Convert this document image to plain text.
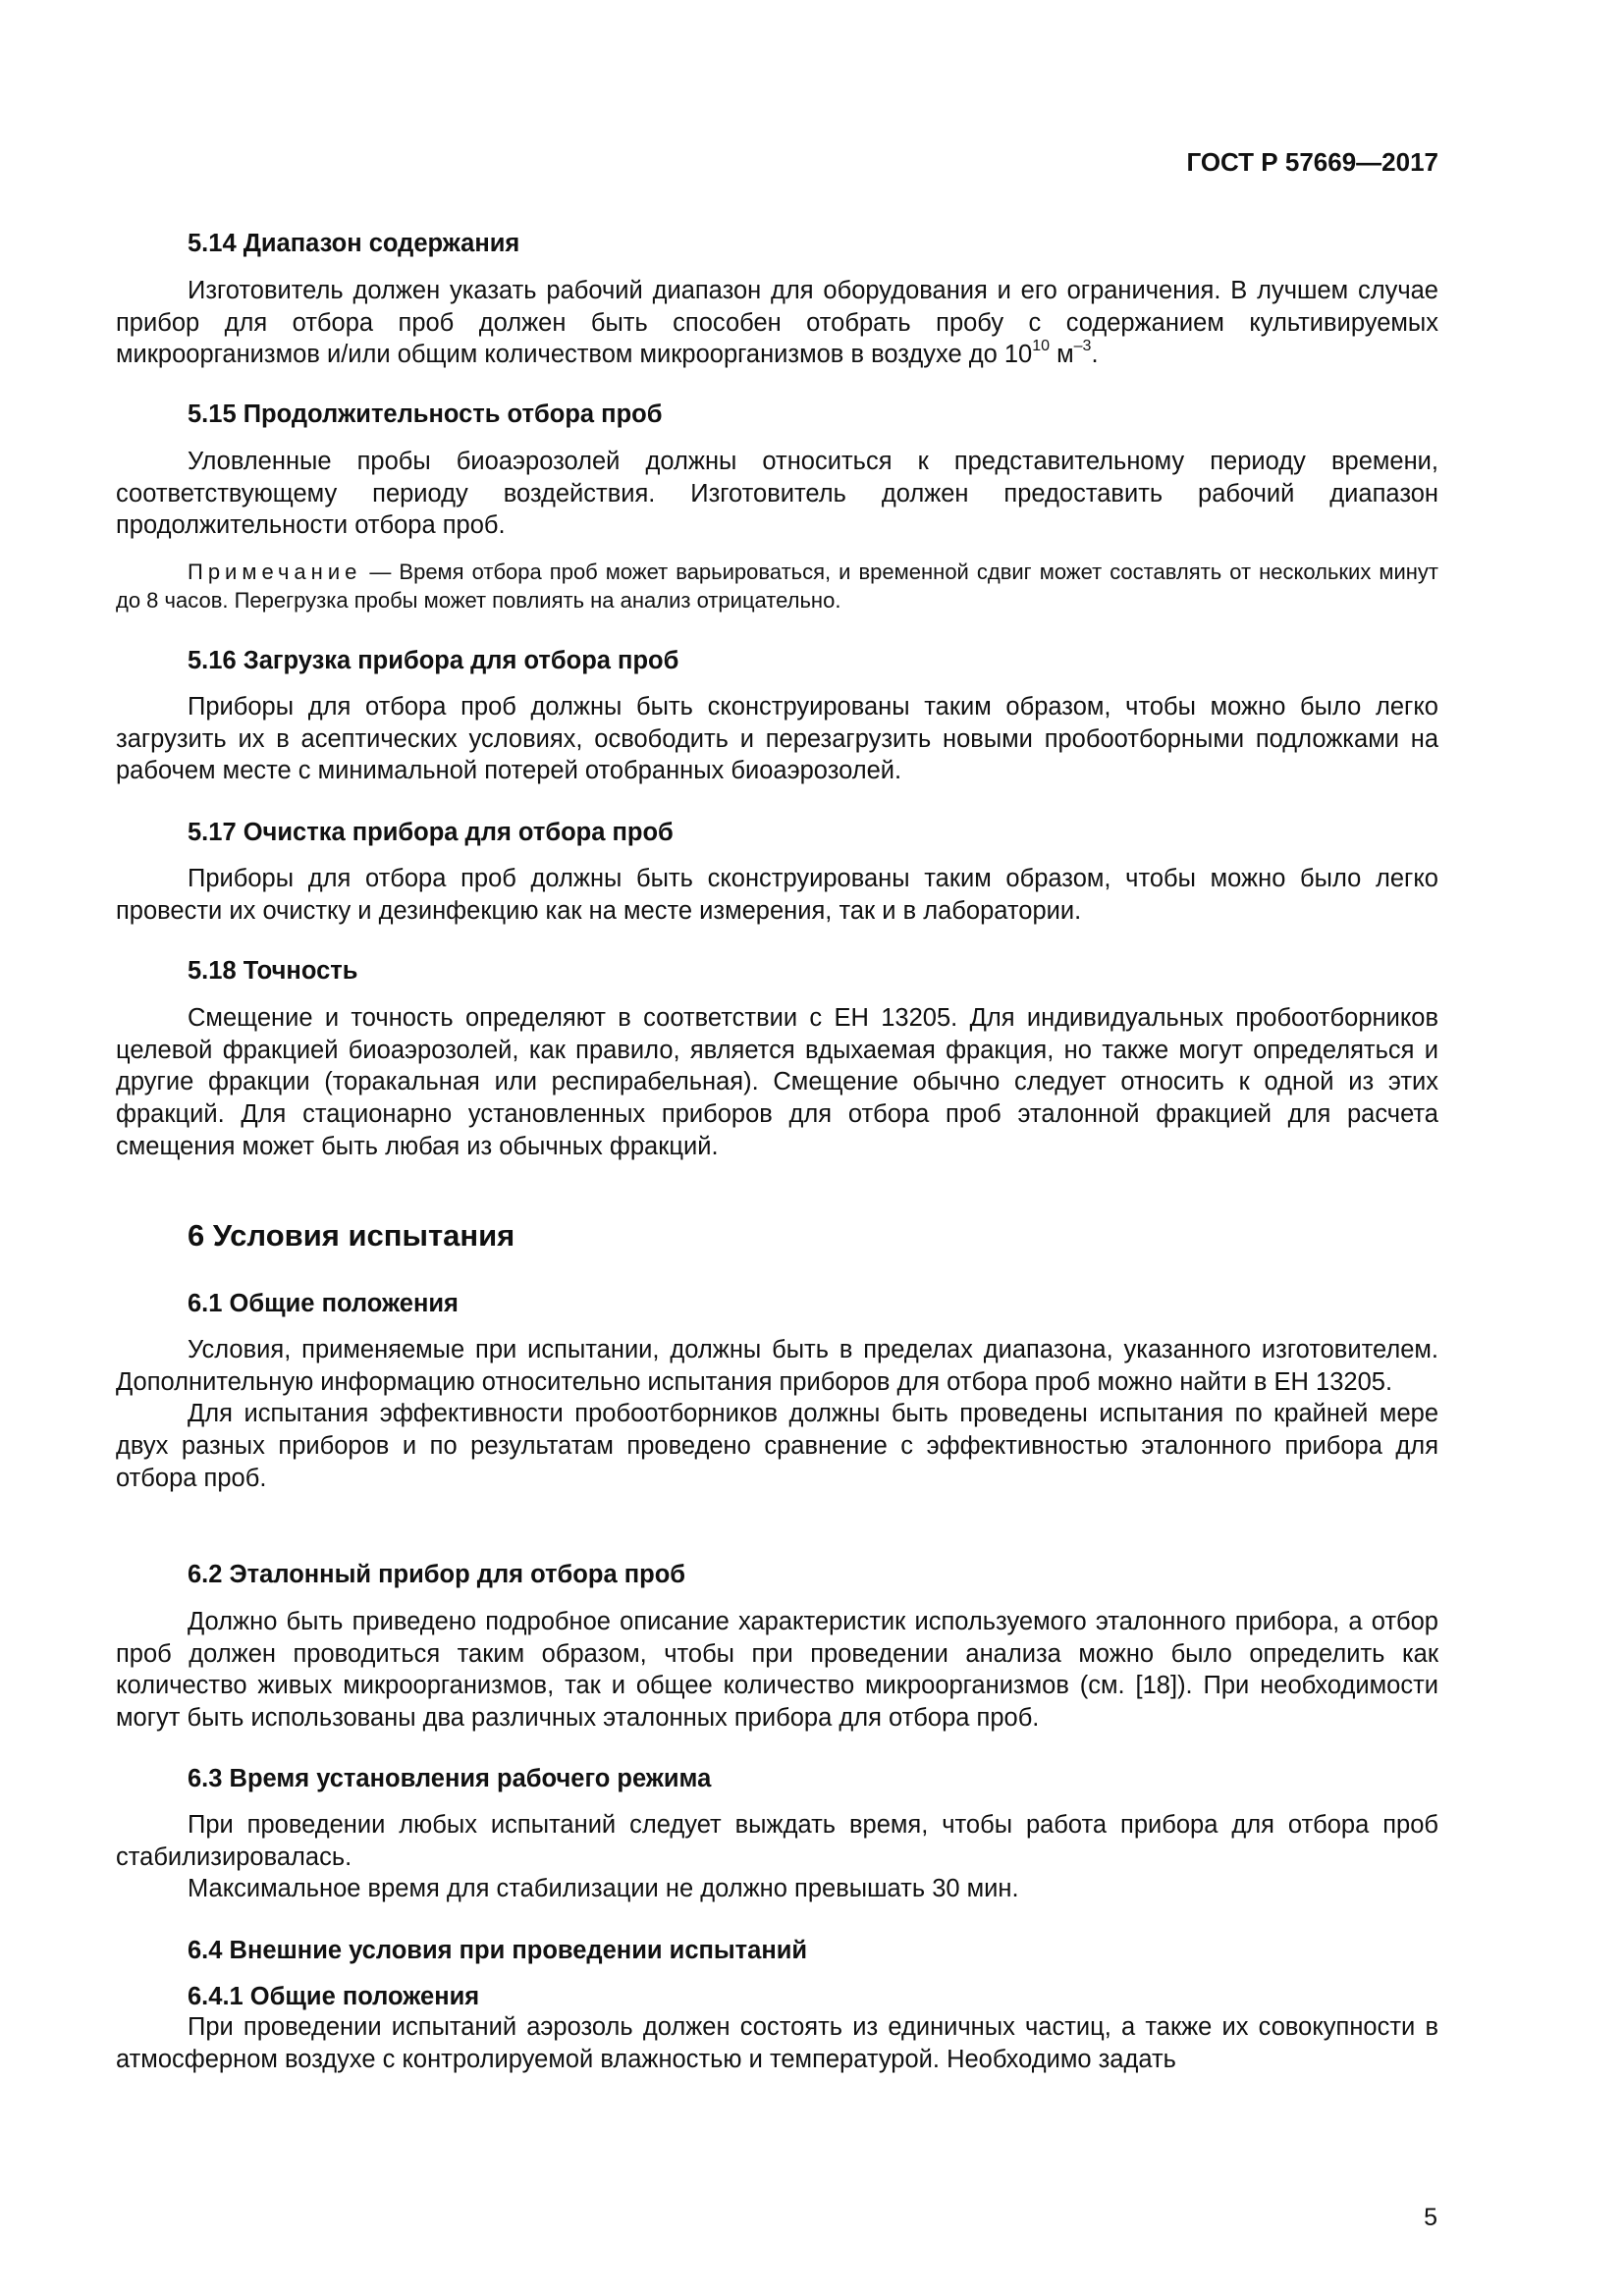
ГОСТ Р 57669—2017

5.14 Диапазон содержания

Изготовитель должен указать рабочий диапазон для оборудования и его ограничения. В лучшем случае прибор для отбора проб должен быть способен отобрать пробу с содержанием культивируемых микроорганизмов и/или общим количеством микроорганизмов в воздухе до $10^{10}$ $м^{-3}$.

5.15 Продолжительность отбора проб

Уловленные пробы биоаэрозолей должны относиться к представительному периоду времени, соответствующему периоду воздействия. Изготовитель должен предоставить рабочий диапазон продолжительности отбора проб.

Примечание — Время отбора проб может варьироваться, и временной сдвиг может составлять от нескольких минут до 8 часов. Перегрузка пробы может повлиять на анализ отрицательно.

5.16 Загрузка прибора для отбора проб

Приборы для отбора проб должны быть сконструированы таким образом, чтобы можно было легко загрузить их в асептических условиях, освободить и перезагрузить новыми пробоотборными подложками на рабочем месте с минимальной потерей отобранных биоаэрозолей.

5.17 Очистка прибора для отбора проб

Приборы для отбора проб должны быть сконструированы таким образом, чтобы можно было легко провести их очистку и дезинфекцию как на месте измерения, так и в лаборатории.

5.18 Точность

Смещение и точность определяют в соответствии с ЕН 13205. Для индивидуальных пробоотборников целевой фракцией биоаэрозолей, как правило, является вдыхаемая фракция, но также могут определяться и другие фракции (торакальная или респирабельная). Смещение обычно следует относить к одной из этих фракций. Для стационарно установленных приборов для отбора проб эталонной фракцией для расчета смещения может быть любая из обычных фракций.

6 Условия испытания

6.1 Общие положения

Условия, применяемые при испытании, должны быть в пределах диапазона, указанного изготовителем. Дополнительную информацию относительно испытания приборов для отбора проб можно найти в ЕН 13205.

Для испытания эффективности пробоотборников должны быть проведены испытания по крайней мере двух разных приборов и по результатам проведено сравнение с эффективностью эталонного прибора для отбора проб.

6.2 Эталонный прибор для отбора проб

Должно быть приведено подробное описание характеристик используемого эталонного прибора, а отбор проб должен проводиться таким образом, чтобы при проведении анализа можно было определить как количество живых микроорганизмов, так и общее количество микроорганизмов (см. [18]). При необходимости могут быть использованы два различных эталонных прибора для отбора проб.

6.3 Время установления рабочего режима

При проведении любых испытаний следует выждать время, чтобы работа прибора для отбора проб стабилизировалась.

Максимальное время для стабилизации не должно превышать 30 мин.

6.4 Внешние условия при проведении испытаний

6.4.1 Общие положения

При проведении испытаний аэрозоль должен состоять из единичных частиц, а также их совокупности в атмосферном воздухе с контролируемой влажностью и температурой. Необходимо задать

5
